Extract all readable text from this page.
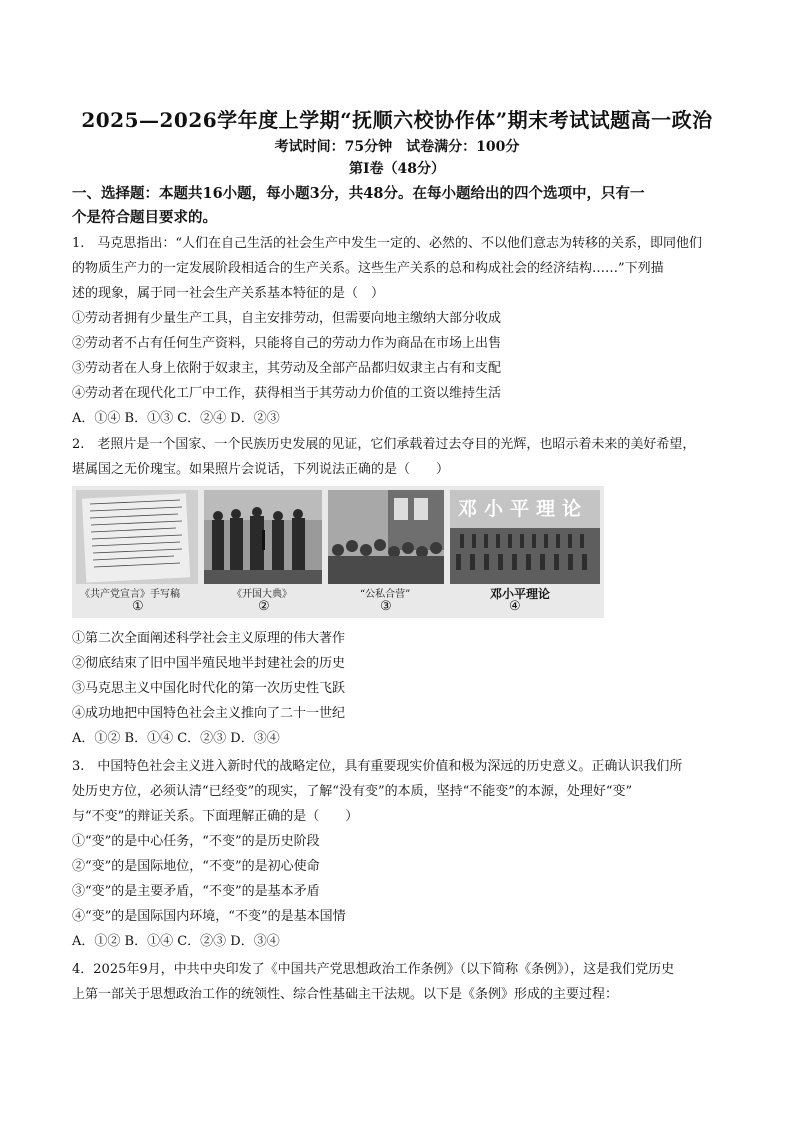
2025—2026学年度上学期“抚顺六校协作体”期末考试试题高一政治
考试时间：75分钟　试卷满分：100分
第Ⅰ卷（48分）
一、选择题：本题共16小题，每小题3分，共48分。在每小题给出的四个选项中，只有一
个是符合题目要求的。
1.　马克思指出：“人们在自己生活的社会生产中发生一定的、必然的、不以他们意志为转移的关系，即同他们
的物质生产力的一定发展阶段相适合的生产关系。这些生产关系的总和构成社会的经济结构……”下列描
述的现象，属于同一社会生产关系基本特征的是（　）
①劳动者拥有少量生产工具，自主安排劳动，但需要向地主缴纳大部分收成
②劳动者不占有任何生产资料，只能将自己的劳动力作为商品在市场上出售
③劳动者在人身上依附于奴隶主，其劳动及全部产品都归奴隶主占有和支配
④劳动者在现代化工厂中工作，获得相当于其劳动力价值的工资以维持生活
A．①④ B．①③ C．②④ D．②③
2.　老照片是一个国家、一个民族历史发展的见证，它们承载着过去夺目的光辉，也昭示着未来的美好希望，
堪属国之无价瑰宝。如果照片会说话，下列说法正确的是（　　）
邓小平理论
《共产党宣言》手写稿
①
《开国大典》
②
“公私合营”
③
邓小平理论
④
①第二次全面阐述科学社会主义原理的伟大著作
②彻底结束了旧中国半殖民地半封建社会的历史
③马克思主义中国化时代化的第一次历史性飞跃
④成功地把中国特色社会主义推向了二十一世纪
A．①② B．①④ C．②③ D．③④
3.　中国特色社会主义进入新时代的战略定位，具有重要现实价值和极为深远的历史意义。正确认识我们所
处历史方位，必须认清“已经变”的现实，了解“没有变”的本质，坚持“不能变”的本源，处理好“变”
与“不变”的辩证关系。下面理解正确的是（　　）
①“变”的是中心任务，“不变”的是历史阶段
②“变”的是国际地位，“不变”的是初心使命
③“变”的是主要矛盾，“不变”的是基本矛盾
④“变”的是国际国内环境，“不变”的是基本国情
A．①② B．①④ C．②③ D．③④
4．2025年9月，中共中央印发了《中国共产党思想政治工作条例》（以下简称《条例》），这是我们党历史
上第一部关于思想政治工作的统领性、综合性基础主干法规。以下是《条例》形成的主要过程：
